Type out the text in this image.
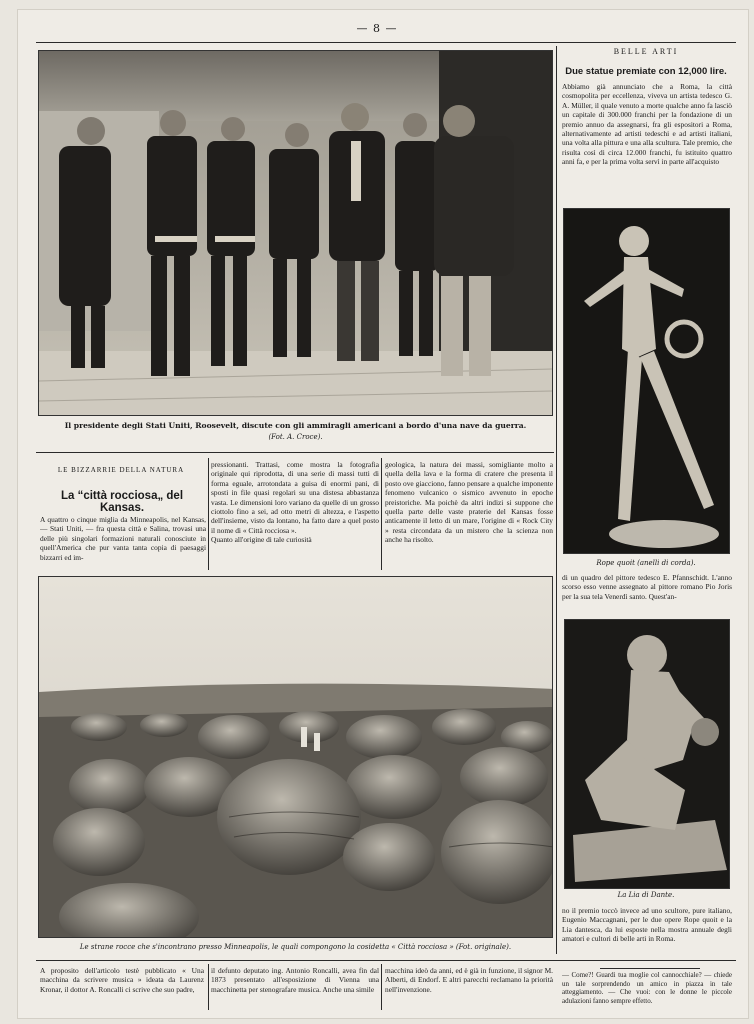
— 8 —
Il presidente degli Stati Uniti, Roosevelt, discute con gli ammiragli americani a bordo d'una nave da guerra.
(Fot. A. Croce).
BELLE ARTI
Due statue premiate con 12,000 lire.
Abbiamo già annunciato che a Roma, la città cosmopolita per eccellenza, viveva un artista tedesco G. A. Müller, il quale venuto a morte qualche anno fa lasciò un capitale di 300.000 franchi per la fondazione di un premio annuo da assegnarsi, fra gli espositori a Roma, alternativamente ad artisti tedeschi e ad artisti italiani, una volta alla pittura e una alla scultura. Tale premio, che risulta così di circa 12.000 franchi, fu istituito quattro anni fa, e per la prima volta servì in parte all'acquisto
Rope quoit (anelli di corda).
di un quadro del pittore tedesco E. Pfannschidt. L'anno scorso esso venne assegnato al pittore romano Pio Joris per la sua tela Venerdì santo. Quest'an-
La Lia di Dante.
no il premio toccò invece ad uno scultore, pure italiano, Eugenio Maccagnani, per le due opere Rope quoit e la Lia dantesca, da lui esposte nella mostra annuale degli amatori e cultori di belle arti in Roma.
— Come?! Guardi tua moglie col cannocchiale? — chiede un tale sorprendendo un amico in piazza in tale atteggiamento. — Che vuoi: con le donne le piccole adulazioni fanno sempre effetto.
LE BIZZARRIE DELLA NATURA
La “città rocciosa„ del Kansas.
A quattro o cinque miglia da Minneapolis, nel Kansas, — Stati Uniti, — fra questa città e Salina, trovasi una delle più singolari formazioni naturali conosciute in quell'America che pur vanta tanta copia di paesaggi bizzarri ed im-
pressionanti. Trattasi, come mostra la fotografia originale qui riprodotta, di una serie di massi tutti di forma eguale, arrotondata a guisa di enormi pani, di sposti in file quasi regolari su una distesa abbastanza vasta. Le dimensioni loro variano da quelle di un grosso ciottolo fino a sei, ad otto metri di altezza, e l'aspetto dell'insieme, visto da lontano, ha fatto dare a quel posto il nome di « Città rocciosa ».
Quanto all'origine di tale curiosità
geologica, la natura dei massi, somigliante molto a quella della lava e la forma di cratere che presenta il posto ove giacciono, fanno pensare a qualche imponente fenomeno vulcanico o sismico avvenuto in epoche preistoriche. Ma poichè da altri indizi si suppone che quella parte delle vaste praterie del Kansas fosse anticamente il letto di un mare, l'origine di « Rock City » resta circondata da un mistero che la scienza non anche ha risolto.
Le strane rocce che s'incontrano presso Minneapolis, le quali compongono la cosidetta « Città rocciosa » (Fot. originale).
A proposito dell'articolo testè pubblicato « Una macchina da scrivere musica » ideata da Laurenz Kronar, il dottor A. Roncalli ci scrive che suo padre,
il defunto deputato ing. Antonio Roncalli, avea fin dal 1873 presentato all'esposizione di Vienna una macchinetta per stenografare musica. Anche una simile
macchina ideò da anni, ed è già in funzione, il signor M. Alberti, di Endorf. E altri parecchi reclamano la priorità nell'invenzione.
